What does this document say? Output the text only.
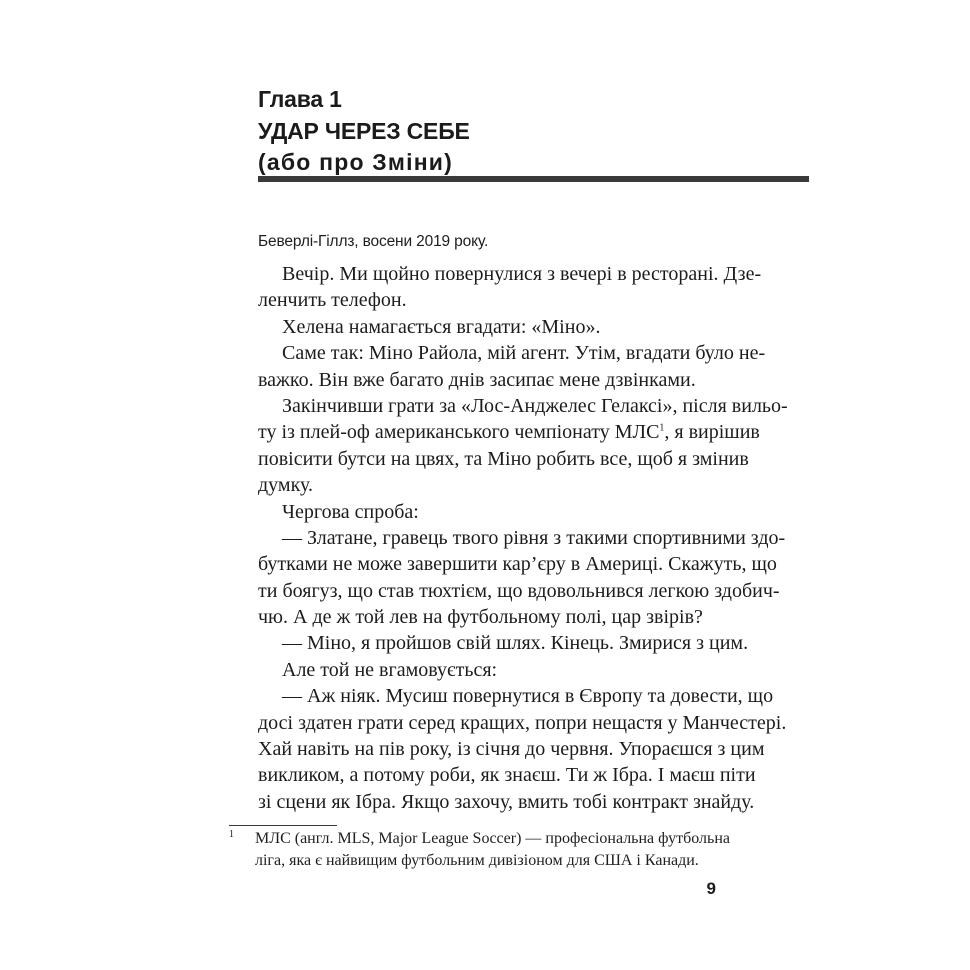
Глава 1
УДАР ЧЕРЕЗ СЕБЕ
(або про Зміни)
Беверлі-Гіллз, восени 2019 року.
Вечір. Ми щойно повернулися з вечері в ресторані. Дзе-
ленчить телефон.
Хелена намагається вгадати: «Міно».
Саме так: Міно Райола, мій агент. Утім, вгадати було не-
важко. Він вже багато днів засипає мене дзвінками.
Закінчивши грати за «Лос-Анджелес Гелаксі», після вильо-
ту із плей-оф американського чемпіонату МЛС$^1$, я вирішив
повісити бутси на цвях, та Міно робить все, щоб я змінив
думку.
Чергова спроба:
— Златане, гравець твого рівня з такими спортивними здо-
бутками не може завершити кар’єру в Америці. Скажуть, що
ти боягуз, що став тюхтієм, що вдовольнився легкою здобич-
чю. А де ж той лев на футбольному полі, цар звірів?
— Міно, я пройшов свій шлях. Кінець. Змирися з цим.
Але той не вгамовується:
— Аж ніяк. Мусиш повернутися в Європу та довести, що
досі здатен грати серед кращих, попри нещастя у Манчестері.
Хай навіть на пів року, із січня до червня. Упораєшся з цим
викликом, а потому роби, як знаєш. Ти ж Ібра. І маєш піти
зі сцени як Ібра. Якщо захочу, вмить тобі контракт знайду.
1 МЛС (англ. MLS, Major League Soccer) — професіональна футбольна
ліга, яка є найвищим футбольним дивізіоном для США і Канади.
9
